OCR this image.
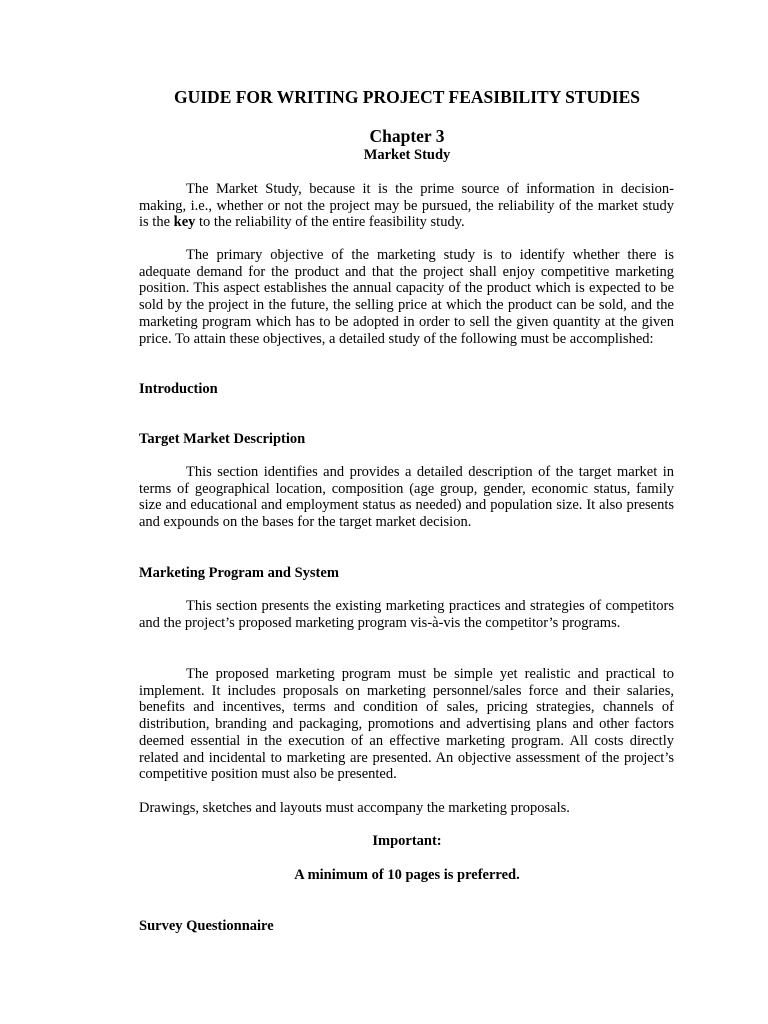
GUIDE FOR WRITING PROJECT FEASIBILITY STUDIES
Chapter 3
Market Study

The Market Study, because it is the prime source of information in decision-making, i.e., whether or not the project may be pursued, the reliability of the market study is the key to the reliability of the entire feasibility study.

The primary objective of the marketing study is to identify whether there is adequate demand for the product and that the project shall enjoy competitive marketing position. This aspect establishes the annual capacity of the product which is expected to be sold by the project in the future, the selling price at which the product can be sold, and the marketing program which has to be adopted in order to sell the given quantity at the given price. To attain these objectives, a detailed study of the following must be accomplished:

Introduction
Target Market Description

This section identifies and provides a detailed description of the target market in terms of geographical location, composition (age group, gender, economic status, family size and educational and employment status as needed) and population size. It also presents and expounds on the bases for the target market decision.

Marketing Program and System

This section presents the existing marketing practices and strategies of competitors and the project’s proposed marketing program vis-à-vis the competitor’s programs.

The proposed marketing program must be simple yet realistic and practical to implement. It includes proposals on marketing personnel/sales force and their salaries, benefits and incentives, terms and condition of sales, pricing strategies, channels of distribution, branding and packaging, promotions and advertising plans and other factors deemed essential in the execution of an effective marketing program. All costs directly related and incidental to marketing are presented. An objective assessment of the project’s competitive position must also be presented.

Drawings, sketches and layouts must accompany the marketing proposals.

Important:
A minimum of 10 pages is preferred.
Survey Questionnaire
